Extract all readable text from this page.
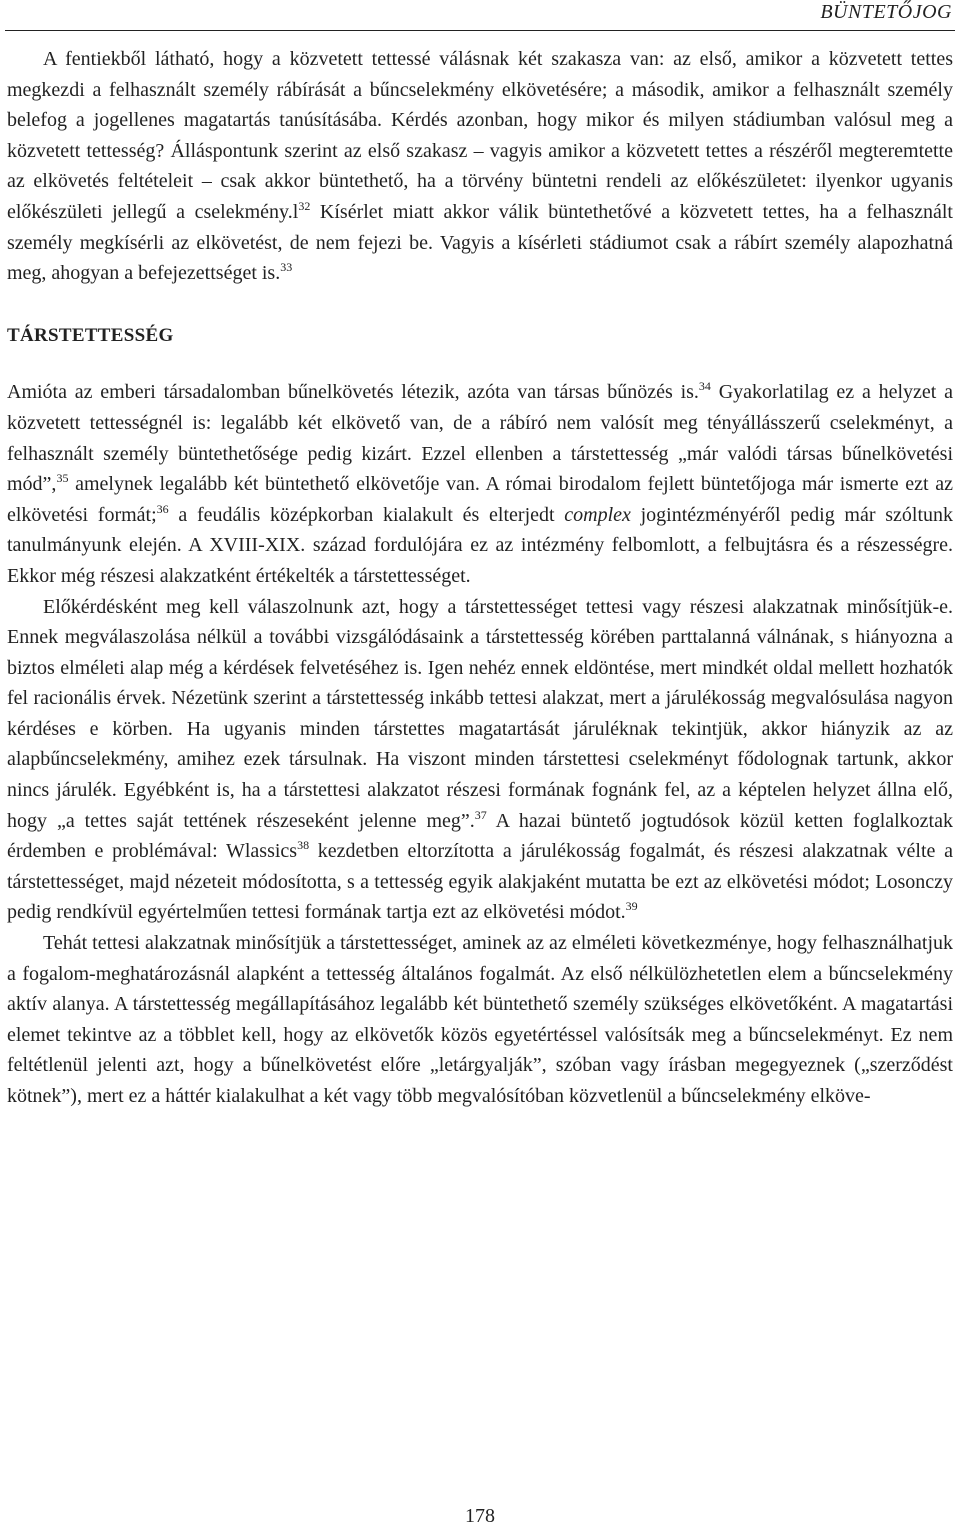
BÜNTETŐJOG

A fentiekből látható, hogy a közvetett tettessé válásnak két szakasza van: az első, amikor a közvetett tettes megkezdi a felhasznált személy rábírását a bűncselekmény elkövetésére; a második, amikor a felhasznált személy belefog a jogellenes magatartás tanúsításába. Kérdés azonban, hogy mikor és milyen stádiumban valósul meg a közvetett tettesség? Álláspontunk szerint az első szakasz – vagyis amikor a közvetett tettes a részéről megteremtette az elkövetés feltételeit – csak akkor büntethető, ha a törvény büntetni rendeli az előkészületet: ilyenkor ugyanis előkészületi jellegű a $cselekmény.l^{32}$ Kísérlet miatt akkor válik büntethetővé a közvetett tettes, ha a felhasznált személy megkísérli az elkövetést, de nem fejezi be. Vagyis a kísérleti stádiumot csak a rábírt személy alapozhatná meg, ahogyan a befejezettséget is.$^{33}$

TÁRSTETTESSÉG

Amióta az emberi társadalomban bűnelkövetés létezik, azóta van társas bűnözés is.$^{34}$ Gyakorlatilag ez a helyzet a közvetett tettességnél is: legalább két elkövető van, de a rábíró nem valósít meg tényállásszerű cselekményt, a felhasznált személy büntethetősége pedig kizárt. Ezzel ellenben a társtettesség „már valódi társas bűnelkövetési mód”,$^{35}$ amelynek legalább két büntethető elkövetője van. A római birodalom fejlett büntetőjoga már ismerte ezt az elkövetési formát;$^{36}$ a feudális középkorban kialakult és elterjedt complex jogintézményéről pedig már szóltunk tanulmányunk elején. A XVIII-XIX. század fordulójára ez az intézmény felbomlott, a felbujtásra és a részességre. Ekkor még részesi alakzatként értékelték a társtettességet.

Előkérdésként meg kell válaszolnunk azt, hogy a társtettességet tettesi vagy részesi alakzatnak minősítjük-e. Ennek megválaszolása nélkül a további vizsgálódásaink a társtettesség körében parttalanná válnának, s hiányozna a biztos elméleti alap még a kérdések felvetéséhez is. Igen nehéz ennek eldöntése, mert mindkét oldal mellett hozhatók fel racionális érvek. Nézetünk szerint a társtettesség inkább tettesi alakzat, mert a járulékosság megvalósulása nagyon kérdéses e körben. Ha ugyanis minden társtettes magatartását járuléknak tekintjük, akkor hiányzik az az alapbűncselekmény, amihez ezek társulnak. Ha viszont minden társtettesi cselekményt fődolognak tartunk, akkor nincs járulék. Egyébként is, ha a társtettesi alakzatot részesi formának fognánk fel, az a képtelen helyzet állna elő, hogy „a tettes saját tettének részeseként jelenne meg”.$^{37}$ A hazai büntető jogtudósok közül ketten foglalkoztak érdemben e problémával: Wlassics$^{38}$ kezdetben eltorzította a járulékosság fogalmát, és részesi alakzatnak vélte a társtettességet, majd nézeteit módosította, s a tettesség egyik alakjaként mutatta be ezt az elkövetési módot; Losonczy pedig rendkívül egyértelműen tettesi formának tartja ezt az elkövetési módot.$^{39}$

Tehát tettesi alakzatnak minősítjük a társtettességet, aminek az az elméleti következménye, hogy felhasználhatjuk a fogalom-meghatározásnál alapként a tettesség általános fogalmát. Az első nélkülözhetetlen elem a bűncselekmény aktív alanya. A társtettesség megállapításához legalább két büntethető személy szükséges elkövetőként. A magatartási elemet tekintve az a többlet kell, hogy az elkövetők közös egyetértéssel valósítsák meg a bűncselekményt. Ez nem feltétlenül jelenti azt, hogy a bűnelkövetést előre „letárgyalják”, szóban vagy írásban megegyeznek („szerződést kötnek”), mert ez a háttér kialakulhat a két vagy több megvalósítóban közvetlenül a bűncselekmény elköve-

178
